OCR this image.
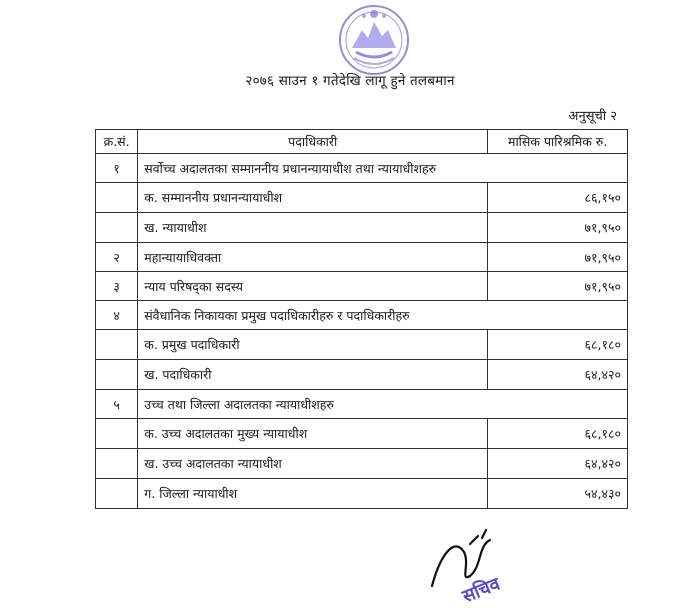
२०७६ साउन १ गतेदेखि लागू हुने तलबमान
अनुसूची २
क्र.सं.	पदाधिकारी	मासिक पारिश्रमिक रु.
१	सर्वोच्च अदालतका सम्माननीय प्रधानन्यायाधीश तथा न्यायाधीशहरु	
	क. सम्माननीय प्रधानन्यायाधीश	८६,१५०
	ख. न्यायाधीश	७१,९५०
२	महान्यायाधिवक्ता	७१,९५०
३	न्याय परिषद्का सदस्य	७१,९५०
४	संवैधानिक निकायका प्रमुख पदाधिकारीहरु र पदाधिकारीहरु	
	क. प्रमुख पदाधिकारी	६८,१८०
	ख. पदाधिकारी	६४,४२०
५	उच्च तथा जिल्ला अदालतका न्यायाधीशहरु	
	क. उच्च अदालतका मुख्य न्यायाधीश	६८,१८०
	ख. उच्च अदालतका न्यायाधीश	६४,४२०
	ग. जिल्ला न्यायाधीश	५४,४३०
सचिव
